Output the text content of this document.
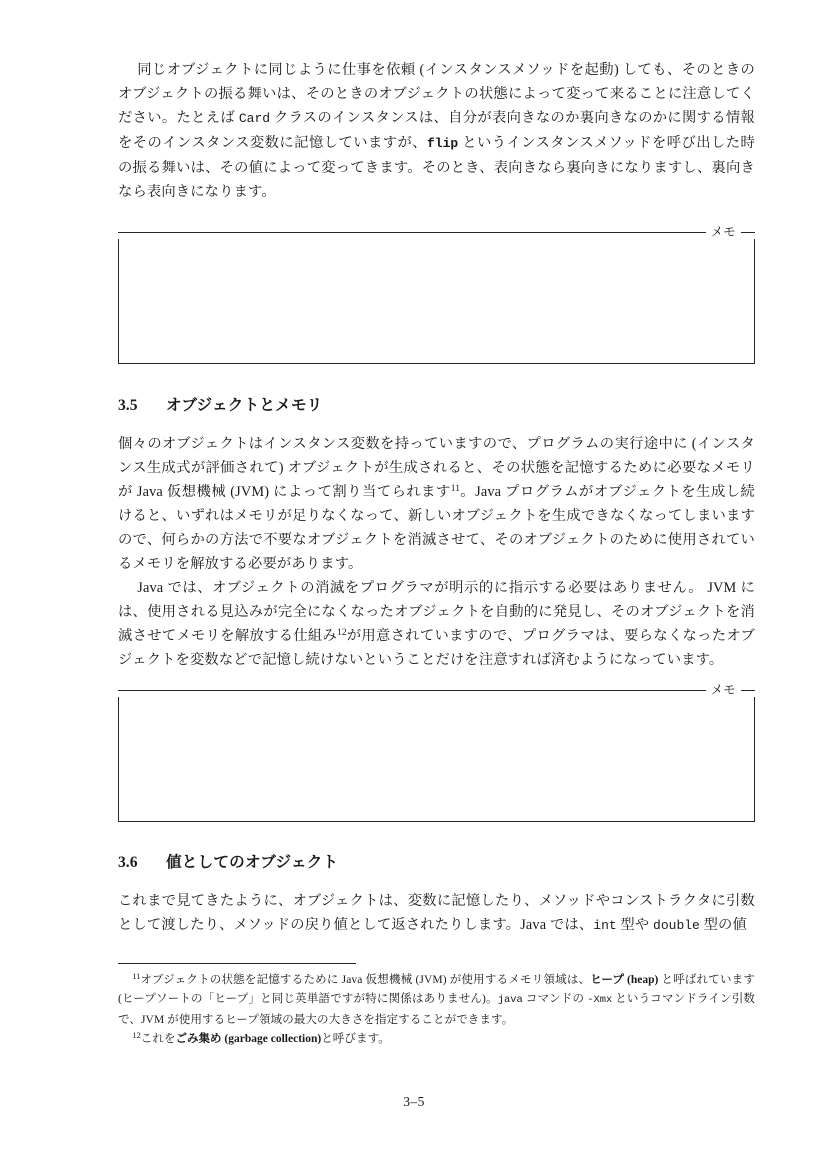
同じオブジェクトに同じように仕事を依頼 (インスタンスメソッドを起動) しても、そのときのオブジェクトの振る舞いは、そのときのオブジェクトの状態によって変って来ることに注意してください。たとえば Card クラスのインスタンスは、自分が表向きなのか裏向きなのかに関する情報をそのインスタンス変数に記憶していますが、flip というインスタンスメソッドを呼び出した時の振る舞いは、その値によって変ってきます。そのとき、表向きなら裏向きになりますし、裏向きなら表向きになります。

メモ
3.5 オブジェクトとメモリ

個々のオブジェクトはインスタンス変数を持っていますので、プログラムの実行途中に (インスタンス生成式が評価されて) オブジェクトが生成されると、その状態を記憶するために必要なメモリが Java 仮想機械 (JVM) によって割り当てられます$^{11}$。Java プログラムがオブジェクトを生成し続けると、いずれはメモリが足りなくなって、新しいオブジェクトを生成できなくなってしまいますので、何らかの方法で不要なオブジェクトを消滅させて、そのオブジェクトのために使用されているメモリを解放する必要があります。

Java では、オブジェクトの消滅をプログラマが明示的に指示する必要はありません。 JVM には、使用される見込みが完全になくなったオブジェクトを自動的に発見し、そのオブジェクトを消滅させてメモリを解放する仕組み$^{12}$が用意されていますので、プログラマは、要らなくなったオブジェクトを変数などで記憶し続けないということだけを注意すれば済むようになっています。

メモ
3.6 値としてのオブジェクト

これまで見てきたように、オブジェクトは、変数に記憶したり、メソッドやコンストラクタに引数として渡したり、メソッドの戻り値として返されたりします。Java では、int 型や double 型の値

$^{11}$オブジェクトの状態を記憶するために Java 仮想機械 (JVM) が使用するメモリ領域は、ヒープ (heap) と呼ばれています (ヒープソートの「ヒープ」と同じ英単語ですが特に関係はありません)。java コマンドの -Xmx というコマンドライン引数で、JVM が使用するヒープ領域の最大の大きさを指定することができます。

$^{12}$これをごみ集め (garbage collection)と呼びます。

3–5
